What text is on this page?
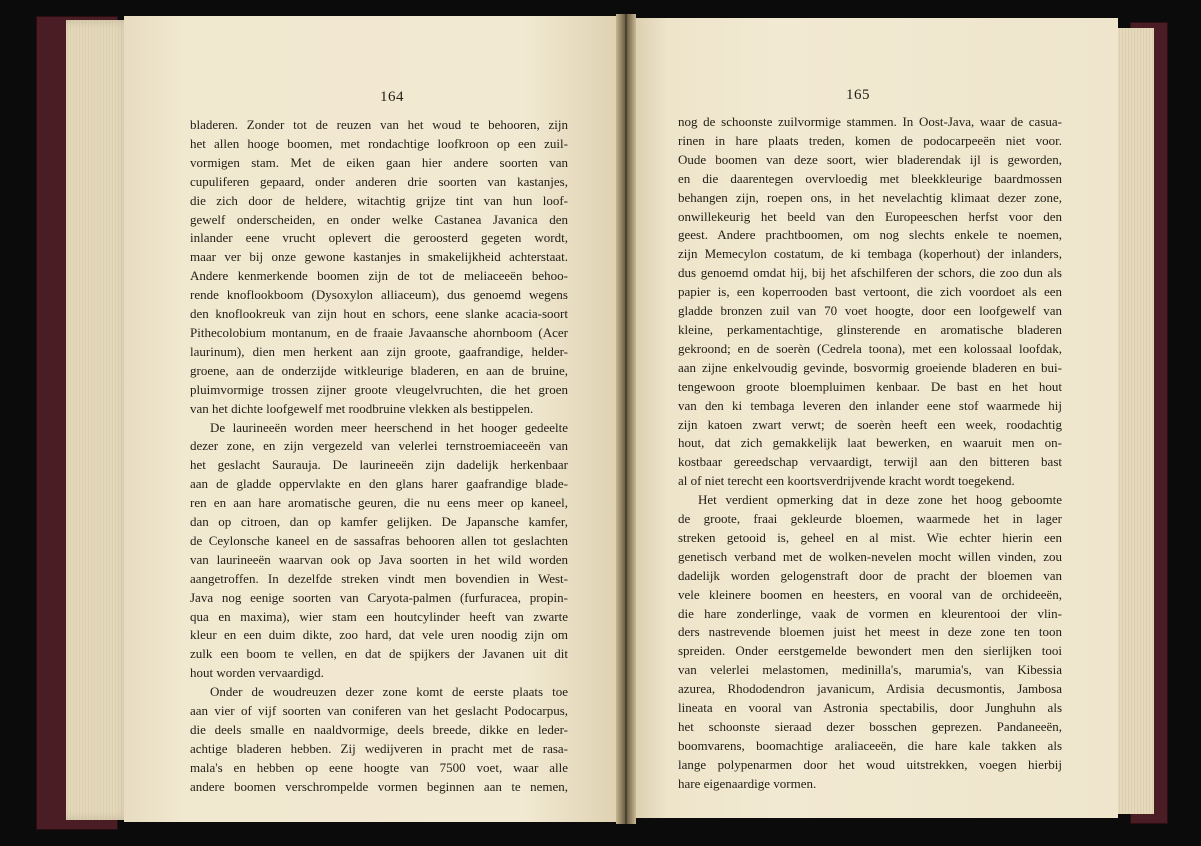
164
bladeren. Zonder tot de reuzen van het woud te behooren, zijn
het allen hooge boomen, met rondachtige loofkroon op een zuil-
vormigen stam. Met de eiken gaan hier andere soorten van
cupuliferen gepaard, onder anderen drie soorten van kastanjes,
die zich door de heldere, witachtig grijze tint van hun loof-
gewelf onderscheiden, en onder welke Castanea Javanica den
inlander eene vrucht oplevert die geroosterd gegeten wordt,
maar ver bij onze gewone kastanjes in smakelijkheid achterstaat.
Andere kenmerkende boomen zijn de tot de meliaceeën behoo-
rende knoflookboom (Dysoxylon alliaceum), dus genoemd wegens
den knoflookreuk van zijn hout en schors, eene slanke acacia-soort
Pithecolobium montanum, en de fraaie Javaansche ahornboom (Acer
laurinum), dien men herkent aan zijn groote, gaafrandige, helder-
groene, aan de onderzijde witkleurige bladeren, en aan de bruine,
pluimvormige trossen zijner groote vleugelvruchten, die het groen
van het dichte loofgewelf met roodbruine vlekken als bestippelen.
De laurineeën worden meer heerschend in het hooger gedeelte
dezer zone, en zijn vergezeld van velerlei ternstroemiaceeën van
het geslacht Saurauja. De laurineeën zijn dadelijk herkenbaar
aan de gladde oppervlakte en den glans harer gaafrandige blade-
ren en aan hare aromatische geuren, die nu eens meer op kaneel,
dan op citroen, dan op kamfer gelijken. De Japansche kamfer,
de Ceylonsche kaneel en de sassafras behooren allen tot geslachten
van laurineeën waarvan ook op Java soorten in het wild worden
aangetroffen. In dezelfde streken vindt men bovendien in West-
Java nog eenige soorten van Caryota-palmen (furfuracea, propin-
qua en maxima), wier stam een houtcylinder heeft van zwarte
kleur en een duim dikte, zoo hard, dat vele uren noodig zijn om
zulk een boom te vellen, en dat de spijkers der Javanen uit dit
hout worden vervaardigd.
Onder de woudreuzen dezer zone komt de eerste plaats toe
aan vier of vijf soorten van coniferen van het geslacht Podocarpus,
die deels smalle en naaldvormige, deels breede, dikke en leder-
achtige bladeren hebben. Zij wedijveren in pracht met de rasa-
mala's en hebben op eene hoogte van 7500 voet, waar alle
andere boomen verschrompelde vormen beginnen aan te nemen,
165
nog de schoonste zuilvormige stammen. In Oost-Java, waar de casua-
rinen in hare plaats treden, komen de podocarpeeën niet voor.
Oude boomen van deze soort, wier bladerendak ijl is geworden,
en die daarentegen overvloedig met bleekkleurige baardmossen
behangen zijn, roepen ons, in het nevelachtig klimaat dezer zone,
onwillekeurig het beeld van den Europeeschen herfst voor den
geest. Andere prachtboomen, om nog slechts enkele te noemen,
zijn Memecylon costatum, de ki tembaga (koperhout) der inlanders,
dus genoemd omdat hij, bij het afschilferen der schors, die zoo dun als
papier is, een koperrooden bast vertoont, die zich voordoet als een
gladde bronzen zuil van 70 voet hoogte, door een loofgewelf van
kleine, perkamentachtige, glinsterende en aromatische bladeren
gekroond; en de soerèn (Cedrela toona), met een kolossaal loofdak,
aan zijne enkelvoudig gevinde, bosvormig groeiende bladeren en bui-
tengewoon groote bloempluimen kenbaar. De bast en het hout
van den ki tembaga leveren den inlander eene stof waarmede hij
zijn katoen zwart verwt; de soerèn heeft een week, roodachtig
hout, dat zich gemakkelijk laat bewerken, en waaruit men on-
kostbaar gereedschap vervaardigt, terwijl aan den bitteren bast
al of niet terecht een koortsverdrijvende kracht wordt toegekend.
Het verdient opmerking dat in deze zone het hoog geboomte
de groote, fraai gekleurde bloemen, waarmede het in lager
streken getooid is, geheel en al mist. Wie echter hierin een
genetisch verband met de wolken-nevelen mocht willen vinden, zou
dadelijk worden gelogenstraft door de pracht der bloemen van
vele kleinere boomen en heesters, en vooral van de orchideeën,
die hare zonderlinge, vaak de vormen en kleurentooi der vlin-
ders nastrevende bloemen juist het meest in deze zone ten toon
spreiden. Onder eerstgemelde bewondert men den sierlijken tooi
van velerlei melastomen, medinilla's, marumia's, van Kibessia
azurea, Rhododendron javanicum, Ardisia decusmontis, Jambosa
lineata en vooral van Astronia spectabilis, door Junghuhn als
het schoonste sieraad dezer bosschen geprezen. Pandaneeën,
boomvarens, boomachtige araliaceeën, die hare kale takken als
lange polypenarmen door het woud uitstrekken, voegen hierbij
hare eigenaardige vormen.
